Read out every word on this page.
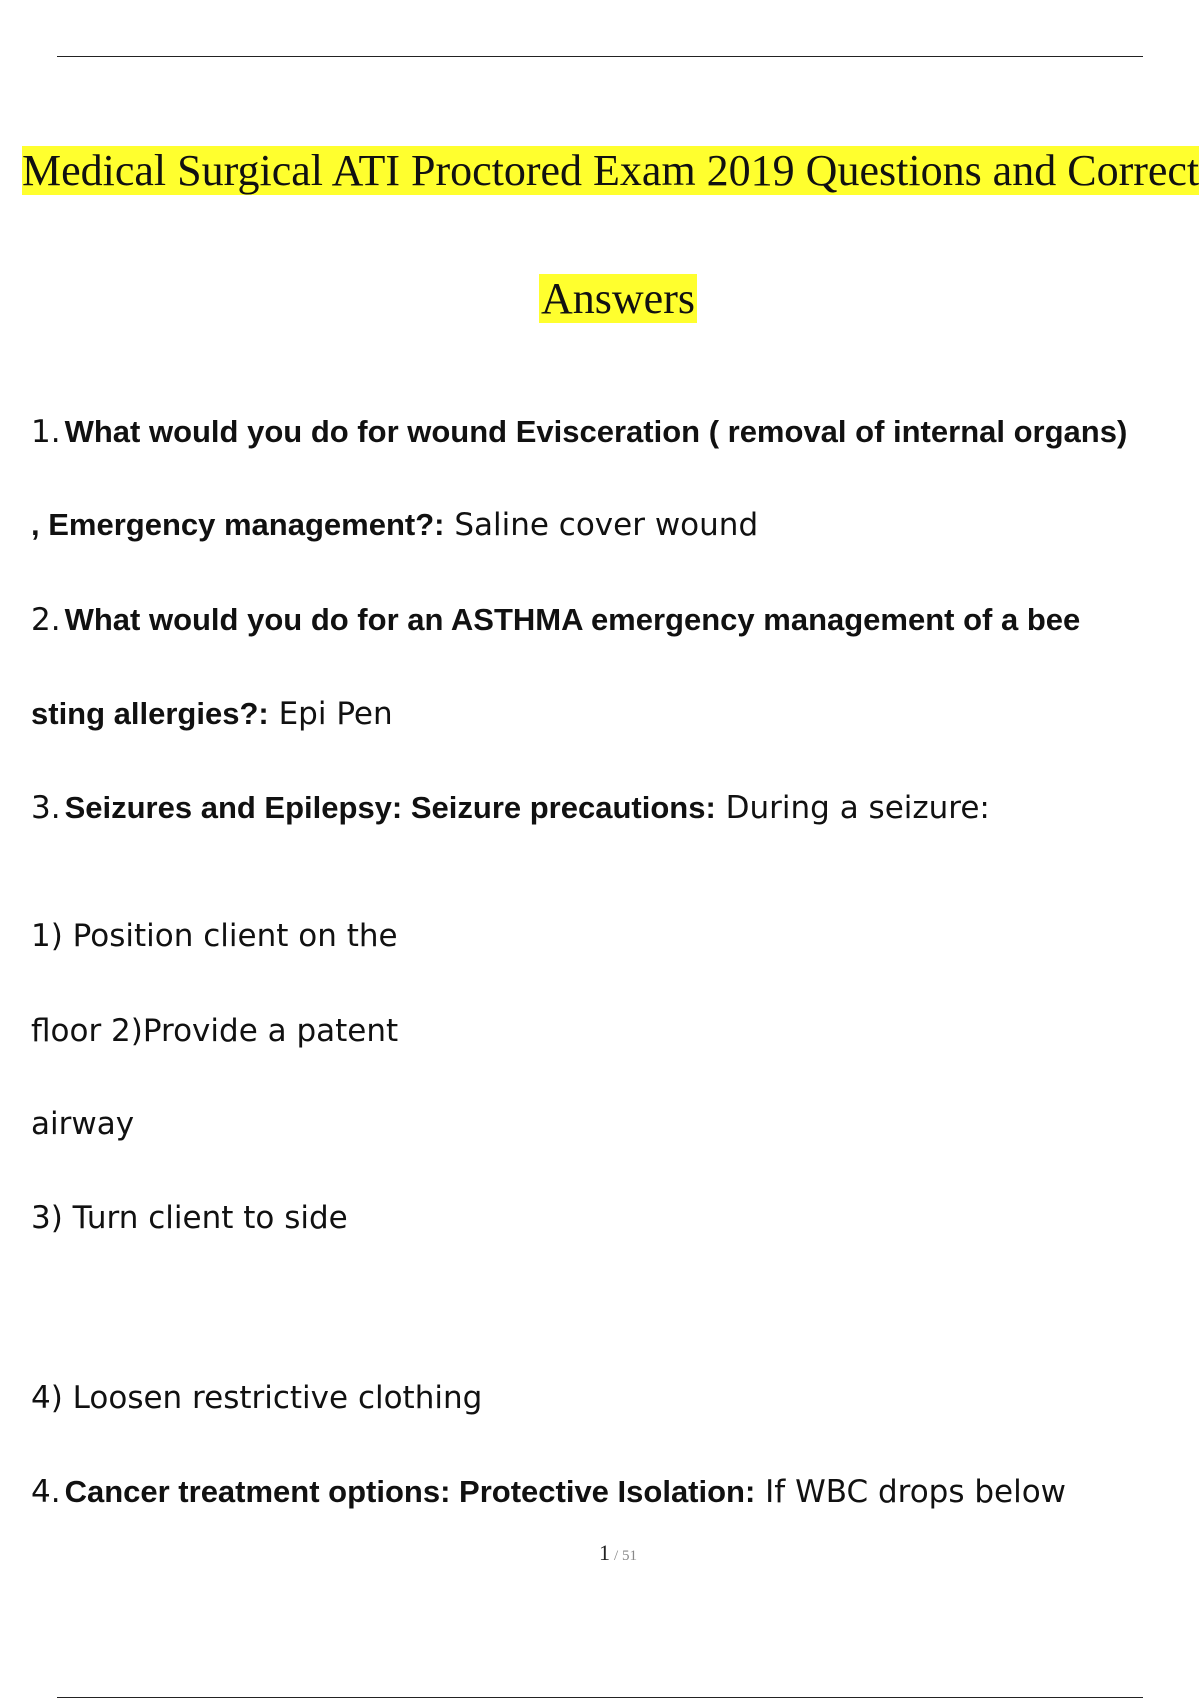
Medical Surgical ATI Proctored Exam 2019 Questions and Correct
Answers
1. What would you do for wound Evisceration ( removal of internal organs)
, Emergency management?: Saline cover wound
2. What would you do for an ASTHMA emergency management of a bee
sting allergies?: Epi Pen
3. Seizures and Epilepsy: Seizure precautions: During a seizure:
1) Position client on the
floor 2)Provide a patent
airway
3) Turn client to side
4) Loosen restrictive clothing
4. Cancer treatment options: Protective Isolation: If WBC drops below
1 / 51
